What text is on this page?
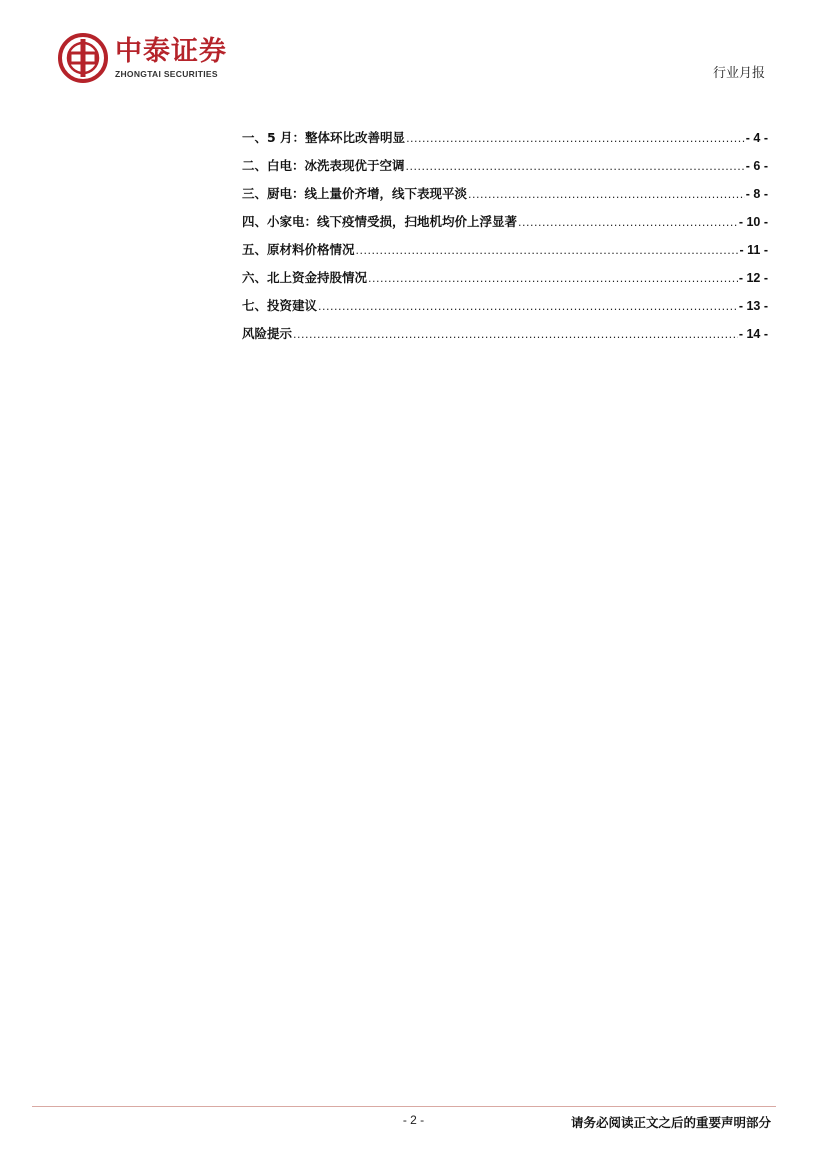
中泰证券
ZHONGTAI SECURITIES	行业月报
一、5 月：整体环比改善明显 .....	- 4 -
二、白电：冰洗表现优于空调 .....	- 6 -
三、厨电：线上量价齐增，线下表现平淡 .....	- 8 -
四、小家电：线下疫情受损，扫地机均价上浮显著 .....	- 10 -
五、原材料价格情况 .....	- 11 -
六、北上资金持股情况 .....	- 12 -
七、投资建议 .....	- 13 -
风险提示 .....	- 14 -
- 2 -	请务必阅读正文之后的重要声明部分
